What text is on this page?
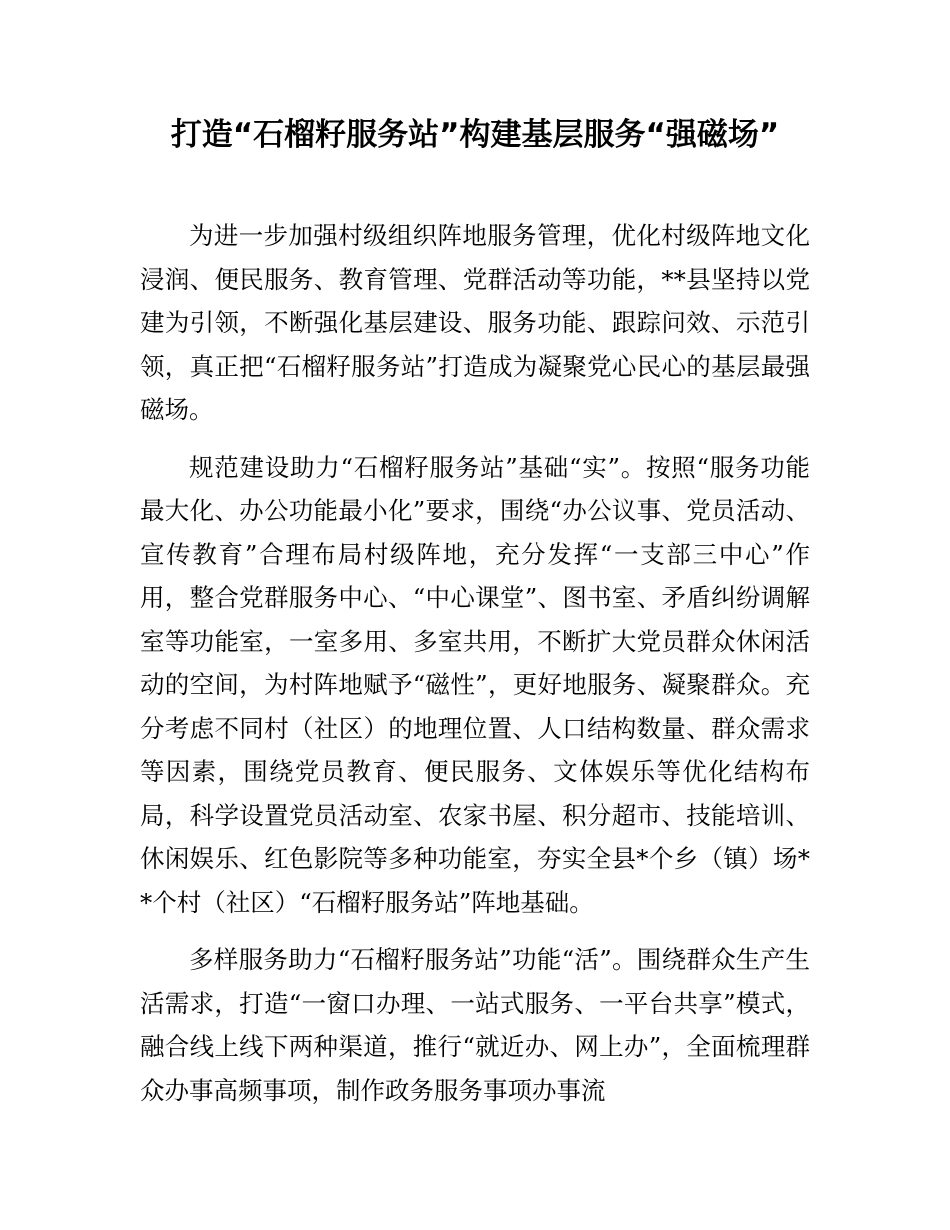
打造“石榴籽服务站”构建基层服务“强磁场”

为进一步加强村级组织阵地服务管理，优化村级阵地文化浸润、便民服务、教育管理、党群活动等功能，**县坚持以党建为引领，不断强化基层建设、服务功能、跟踪问效、示范引领，真正把“石榴籽服务站”打造成为凝聚党心民心的基层最强磁场。

规范建设助力“石榴籽服务站”基础“实”。按照“服务功能最大化、办公功能最小化”要求，围绕“办公议事、党员活动、宣传教育”合理布局村级阵地，充分发挥“一支部三中心”作用，整合党群服务中心、“中心课堂”、图书室、矛盾纠纷调解室等功能室，一室多用、多室共用，不断扩大党员群众休闲活动的空间，为村阵地赋予“磁性”，更好地服务、凝聚群众。充分考虑不同村（社区）的地理位置、人口结构数量、群众需求等因素，围绕党员教育、便民服务、文体娱乐等优化结构布局，科学设置党员活动室、农家书屋、积分超市、技能培训、休闲娱乐、红色影院等多种功能室，夯实全县*个乡（镇）场**个村（社区）“石榴籽服务站”阵地基础。

多样服务助力“石榴籽服务站”功能“活”。围绕群众生产生活需求，打造“一窗口办理、一站式服务、一平台共享”模式，融合线上线下两种渠道，推行“就近办、网上办”，全面梳理群众办事高频事项，制作政务服务事项办事流
